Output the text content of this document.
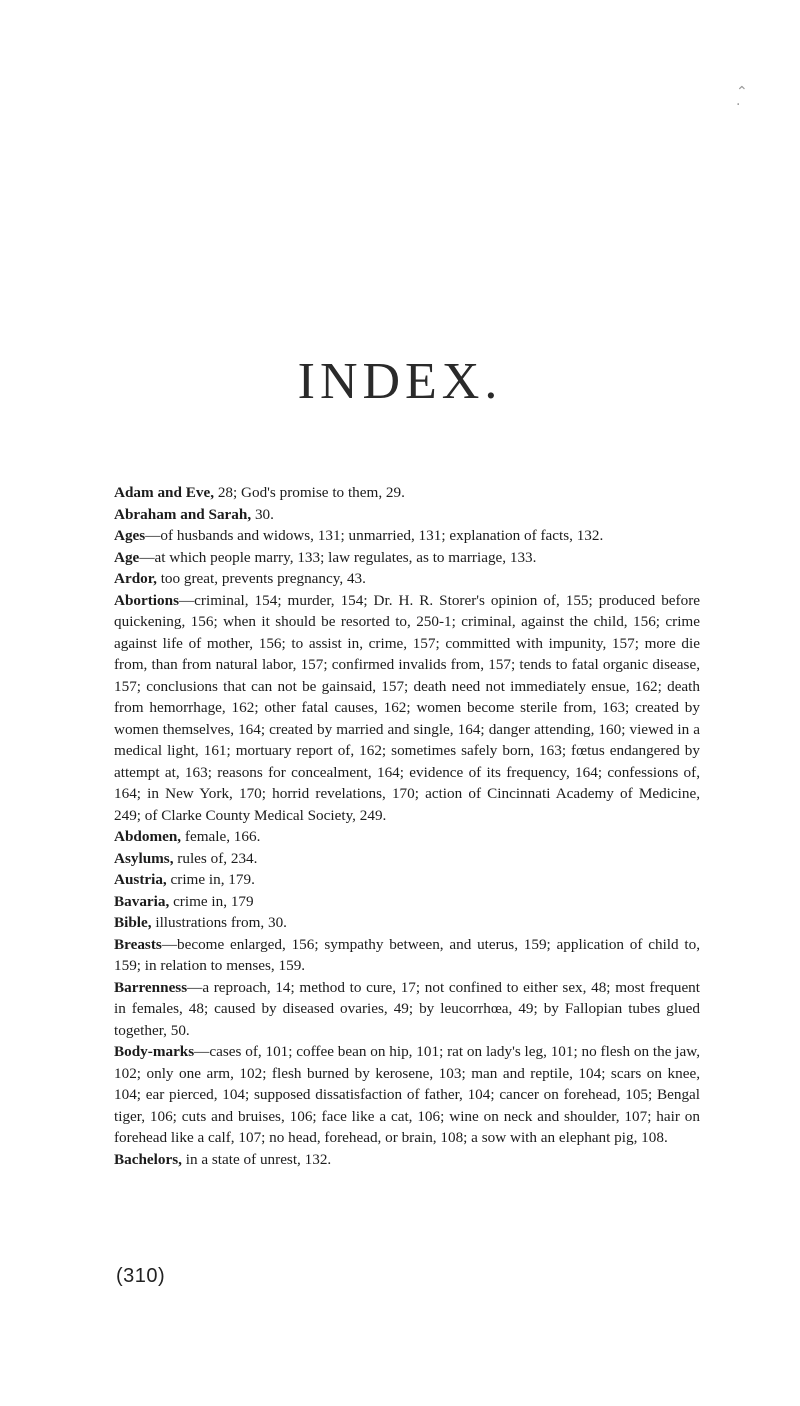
⌃
·
INDEX.
Adam and Eve, 28; God's promise to them, 29.
Abraham and Sarah, 30.
Ages—of husbands and widows, 131; unmarried, 131; explanation of facts, 132.
Age—at which people marry, 133; law regulates, as to marriage, 133.
Ardor, too great, prevents pregnancy, 43.
Abortions—criminal, 154; murder, 154; Dr. H. R. Storer's opinion of, 155; produced before quickening, 156; when it should be resorted to, 250-1; criminal, against the child, 156; crime against life of mother, 156; to assist in, crime, 157; committed with impunity, 157; more die from, than from natural labor, 157; confirmed invalids from, 157; tends to fatal organic disease, 157; conclusions that can not be gainsaid, 157; death need not immediately ensue, 162; death from hemorrhage, 162; other fatal causes, 162; women become sterile from, 163; created by women themselves, 164; created by married and single, 164; danger attending, 160; viewed in a medical light, 161; mortuary report of, 162; sometimes safely born, 163; fœtus endangered by attempt at, 163; reasons for concealment, 164; evidence of its frequency, 164; confessions of, 164; in New York, 170; horrid revelations, 170; action of Cincinnati Academy of Medicine, 249; of Clarke County Medical Society, 249.
Abdomen, female, 166.
Asylums, rules of, 234.
Austria, crime in, 179.
Bavaria, crime in, 179
Bible, illustrations from, 30.
Breasts—become enlarged, 156; sympathy between, and uterus, 159; application of child to, 159; in relation to menses, 159.
Barrenness—a reproach, 14; method to cure, 17; not confined to either sex, 48; most frequent in females, 48; caused by diseased ovaries, 49; by leucorrhœa, 49; by Fallopian tubes glued together, 50.
Body-marks—cases of, 101; coffee bean on hip, 101; rat on lady's leg, 101; no flesh on the jaw, 102; only one arm, 102; flesh burned by kerosene, 103; man and reptile, 104; scars on knee, 104; ear pierced, 104; supposed dissatisfaction of father, 104; cancer on forehead, 105; Bengal tiger, 106; cuts and bruises, 106; face like a cat, 106; wine on neck and shoulder, 107; hair on forehead like a calf, 107; no head, forehead, or brain, 108; a sow with an elephant pig, 108.
Bachelors, in a state of unrest, 132.
(310)
